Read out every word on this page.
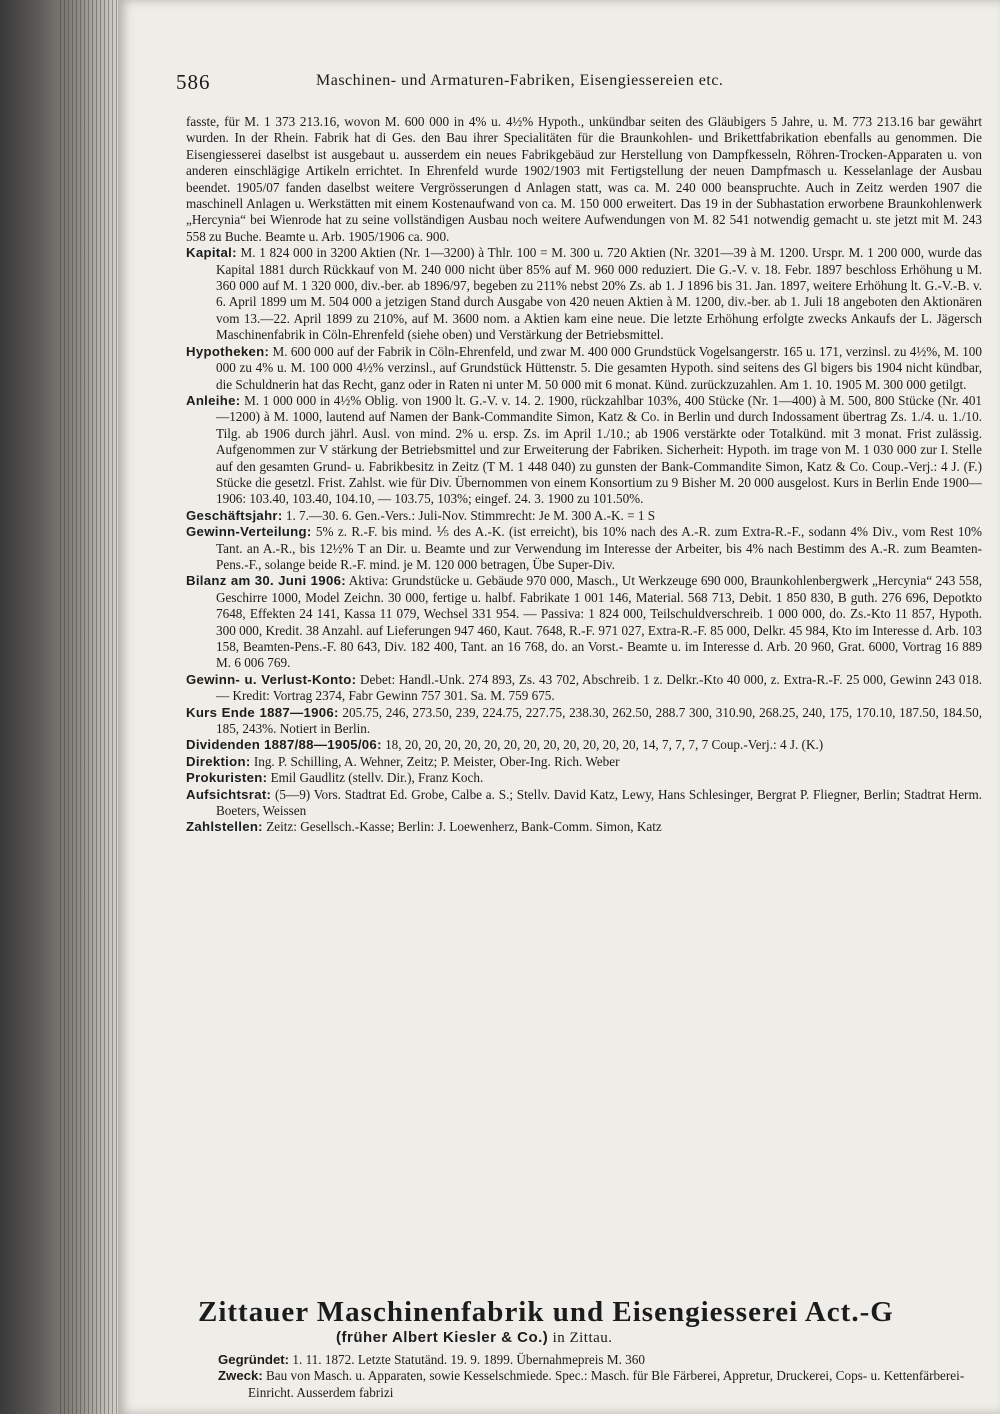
586	Maschinen- und Armaturen-Fabriken, Eisengiessereien etc.

fasste, für M. 1 373 213.16, wovon M. 600 000 in 4% u. 4½% Hypoth., unkündbar seiten des Gläubigers 5 Jahre, u. M. 773 213.16 bar gewährt wurden. In der Rhein. Fabrik hat di Ges. den Bau ihrer Specialitäten für die Braunkohlen- und Brikettfabrikation ebenfalls au genommen. Die Eisengiesserei daselbst ist ausgebaut u. ausserdem ein neues Fabrikgebäud zur Herstellung von Dampfkesseln, Röhren-Trocken-Apparaten u. von anderen einschlägige Artikeln errichtet. In Ehrenfeld wurde 1902/1903 mit Fertigstellung der neuen Dampfmasch u. Kesselanlage der Ausbau beendet. 1905/07 fanden daselbst weitere Vergrösserungen d Anlagen statt, was ca. M. 240 000 beanspruchte. Auch in Zeitz werden 1907 die maschinell Anlagen u. Werkstätten mit einem Kostenaufwand von ca. M. 150 000 erweitert. Das 19 in der Subhastation erworbene Braunkohlenwerk „Hercynia“ bei Wienrode hat zu seine vollständigen Ausbau noch weitere Aufwendungen von M. 82 541 notwendig gemacht u. ste jetzt mit M. 243 558 zu Buche. Beamte u. Arb. 1905/1906 ca. 900.

Kapital: M. 1 824 000 in 3200 Aktien (Nr. 1—3200) à Thlr. 100 = M. 300 u. 720 Aktien (Nr. 3201—39 à M. 1200. Urspr. M. 1 200 000, wurde das Kapital 1881 durch Rückkauf von M. 240 000 nicht über 85% auf M. 960 000 reduziert. Die G.-V. v. 18. Febr. 1897 beschloss Erhöhung u M. 360 000 auf M. 1 320 000, div.-ber. ab 1896/97, begeben zu 211% nebst 20% Zs. ab 1. J 1896 bis 31. Jan. 1897, weitere Erhöhung lt. G.-V.-B. v. 6. April 1899 um M. 504 000 a jetzigen Stand durch Ausgabe von 420 neuen Aktien à M. 1200, div.-ber. ab 1. Juli 18 angeboten den Aktionären vom 13.—22. April 1899 zu 210%, auf M. 3600 nom. a Aktien kam eine neue. Die letzte Erhöhung erfolgte zwecks Ankaufs der L. Jägersch Maschinenfabrik in Cöln-Ehrenfeld (siehe oben) und Verstärkung der Betriebsmittel.

Hypotheken: M. 600 000 auf der Fabrik in Cöln-Ehrenfeld, und zwar M. 400 000 Grundstück Vogelsangerstr. 165 u. 171, verzinsl. zu 4½%, M. 100 000 zu 4% u. M. 100 000 4½% verzinsl., auf Grundstück Hüttenstr. 5. Die gesamten Hypoth. sind seitens des Gl bigers bis 1904 nicht kündbar, die Schuldnerin hat das Recht, ganz oder in Raten ni unter M. 50 000 mit 6 monat. Künd. zurückzuzahlen. Am 1. 10. 1905 M. 300 000 getilgt.

Anleihe: M. 1 000 000 in 4½% Oblig. von 1900 lt. G.-V. v. 14. 2. 1900, rückzahlbar 103%, 400 Stücke (Nr. 1—400) à M. 500, 800 Stücke (Nr. 401—1200) à M. 1000, lautend auf Namen der Bank-Commandite Simon, Katz & Co. in Berlin und durch Indossament übertrag Zs. 1./4. u. 1./10. Tilg. ab 1906 durch jährl. Ausl. von mind. 2% u. ersp. Zs. im April 1./10.; ab 1906 verstärkte oder Totalkünd. mit 3 monat. Frist zulässig. Aufgenommen zur V stärkung der Betriebsmittel und zur Erweiterung der Fabriken. Sicherheit: Hypoth. im trage von M. 1 030 000 zur I. Stelle auf den gesamten Grund- u. Fabrikbesitz in Zeitz (T M. 1 448 040) zu gunsten der Bank-Commandite Simon, Katz & Co. Coup.-Verj.: 4 J. (F.) Stücke die gesetzl. Frist. Zahlst. wie für Div. Übernommen von einem Konsortium zu 9 Bisher M. 20 000 ausgelost. Kurs in Berlin Ende 1900—1906: 103.40, 103.40, 104.10, — 103.75, 103%; eingef. 24. 3. 1900 zu 101.50%.

Geschäftsjahr: 1. 7.—30. 6. Gen.-Vers.: Juli-Nov. Stimmrecht: Je M. 300 A.-K. = 1 S

Gewinn-Verteilung: 5% z. R.-F. bis mind. ⅕ des A.-K. (ist erreicht), bis 10% nach des A.-R. zum Extra-R.-F., sodann 4% Div., vom Rest 10% Tant. an A.-R., bis 12½% T an Dir. u. Beamte und zur Verwendung im Interesse der Arbeiter, bis 4% nach Bestimm des A.-R. zum Beamten-Pens.-F., solange beide R.-F. mind. je M. 120 000 betragen, Übe Super-Div.

Bilanz am 30. Juni 1906: Aktiva: Grundstücke u. Gebäude 970 000, Masch., Ut Werkzeuge 690 000, Braunkohlenbergwerk „Hercynia“ 243 558, Geschirre 1000, Model Zeichn. 30 000, fertige u. halbf. Fabrikate 1 001 146, Material. 568 713, Debit. 1 850 830, B guth. 276 696, Depotkto 7648, Effekten 24 141, Kassa 11 079, Wechsel 331 954. — Passiva: 1 824 000, Teilschuldverschreib. 1 000 000, do. Zs.-Kto 11 857, Hypoth. 300 000, Kredit. 38 Anzahl. auf Lieferungen 947 460, Kaut. 7648, R.-F. 971 027, Extra-R.-F. 85 000, Delkr. 45 984, Kto im Interesse d. Arb. 103 158, Beamten-Pens.-F. 80 643, Div. 182 400, Tant. an 16 768, do. an Vorst.- Beamte u. im Interesse d. Arb. 20 960, Grat. 6000, Vortrag 16 889 M. 6 006 769.

Gewinn- u. Verlust-Konto: Debet: Handl.-Unk. 274 893, Zs. 43 702, Abschreib. 1 z. Delkr.-Kto 40 000, z. Extra-R.-F. 25 000, Gewinn 243 018. — Kredit: Vortrag 2374, Fabr Gewinn 757 301. Sa. M. 759 675.

Kurs Ende 1887—1906: 205.75, 246, 273.50, 239, 224.75, 227.75, 238.30, 262.50, 288.7 300, 310.90, 268.25, 240, 175, 170.10, 187.50, 184.50, 185, 243%. Notiert in Berlin.

Dividenden 1887/88—1905/06: 18, 20, 20, 20, 20, 20, 20, 20, 20, 20, 20, 20, 20, 14, 7, 7, 7, 7 Coup.-Verj.: 4 J. (K.)

Direktion: Ing. P. Schilling, A. Wehner, Zeitz; P. Meister, Ober-Ing. Rich. Weber

Prokuristen: Emil Gaudlitz (stellv. Dir.), Franz Koch.

Aufsichtsrat: (5—9) Vors. Stadtrat Ed. Grobe, Calbe a. S.; Stellv. David Katz, Lewy, Hans Schlesinger, Bergrat P. Fliegner, Berlin; Stadtrat Herm. Boeters, Weissen

Zahlstellen: Zeitz: Gesellsch.-Kasse; Berlin: J. Loewenherz, Bank-Comm. Simon, Katz

Zittauer Maschinenfabrik und Eisengiesserei Act.-G
(früher Albert Kiesler & Co.) in Zittau.

Gegründet: 1. 11. 1872. Letzte Statutänd. 19. 9. 1899. Übernahmepreis M. 360

Zweck: Bau von Masch. u. Apparaten, sowie Kesselschmiede. Spec.: Masch. für Ble Färberei, Appretur, Druckerei, Cops- u. Kettenfärberei-Einricht. Ausserdem fabrizi
